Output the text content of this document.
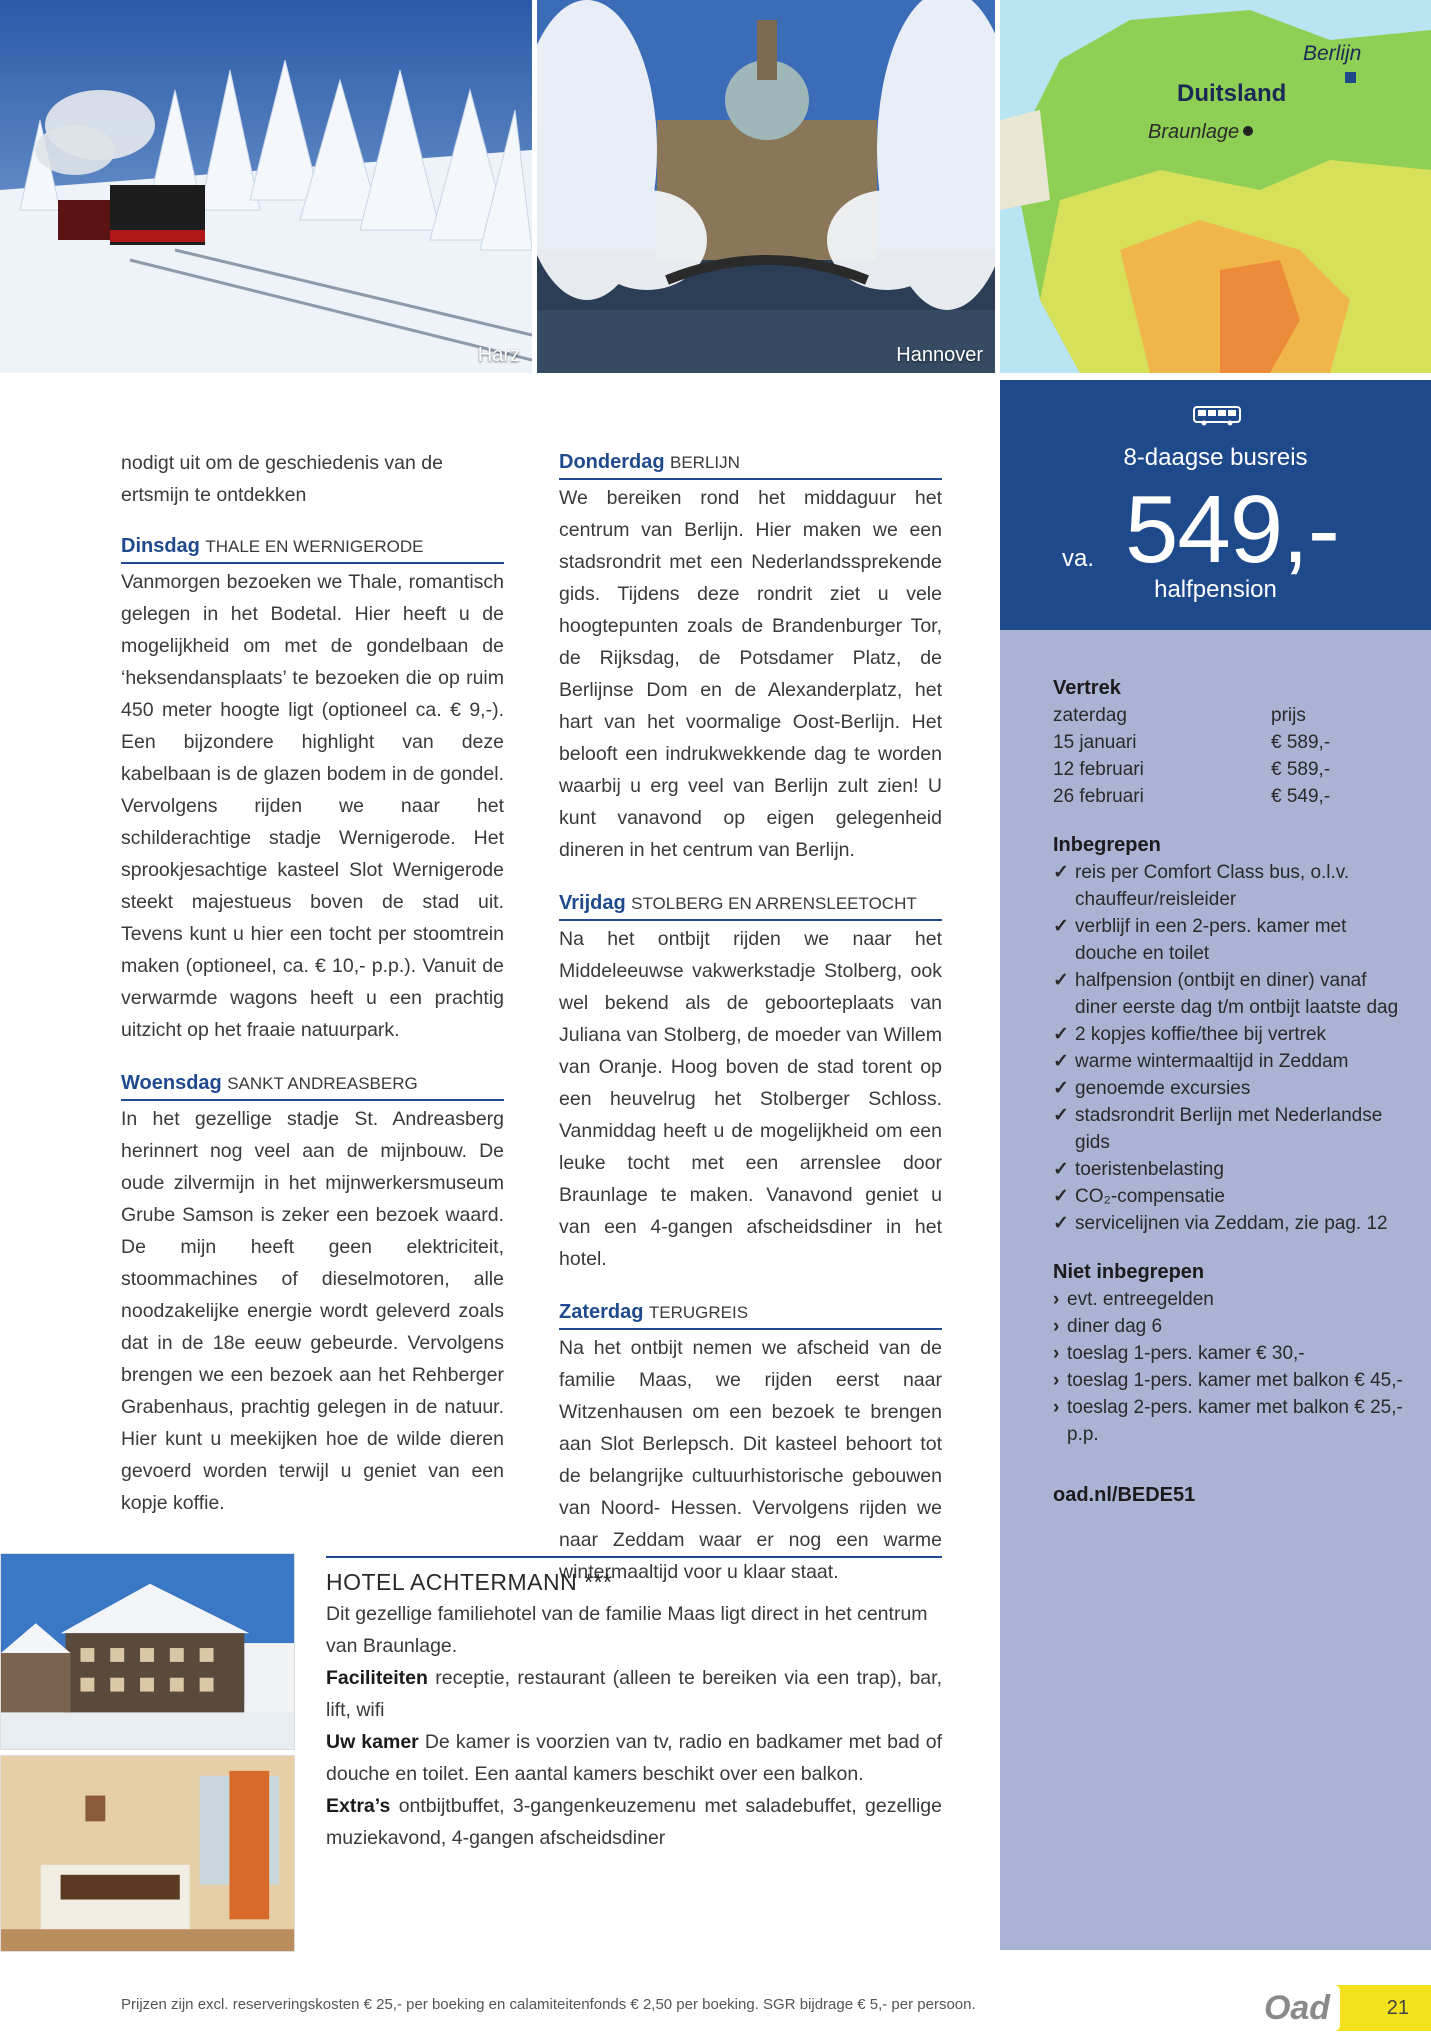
Harz	Hannover
Duitsland
Berlijn
Braunlage

nodigt uit om de geschiedenis van de ertsmijn te ontdekken

Dinsdag THALE EN WERNIGERODE

Vanmorgen bezoeken we Thale, romantisch gelegen in het Bodetal. Hier heeft u de mogelijkheid om met de gondelbaan de ‘heksendansplaats’ te bezoeken die op ruim 450 meter hoogte ligt (optioneel ca. € 9,-). Een bijzondere highlight van deze kabelbaan is de glazen bodem in de gondel. Vervolgens rijden we naar het schilderachtige stadje Wernigerode. Het sprookjesachtige kasteel Slot Wernigerode steekt majestueus boven de stad uit. Tevens kunt u hier een tocht per stoomtrein maken (optioneel, ca. € 10,- p.p.). Vanuit de verwarmde wagons heeft u een prachtig uitzicht op het fraaie natuurpark.

Woensdag SANKT ANDREASBERG

In het gezellige stadje St. Andreasberg herinnert nog veel aan de mijnbouw. De oude zilvermijn in het mijnwerkersmuseum Grube Samson is zeker een bezoek waard. De mijn heeft geen elektriciteit, stoommachines of dieselmotoren, alle noodzakelijke energie wordt geleverd zoals dat in de 18e eeuw gebeurde. Vervolgens brengen we een bezoek aan het Rehberger Grabenhaus, prachtig gelegen in de natuur. Hier kunt u meekijken hoe de wilde dieren gevoerd worden terwijl u geniet van een kopje koffie.

Donderdag BERLIJN

We bereiken rond het middaguur het centrum van Berlijn. Hier maken we een stadsrondrit met een Nederlandssprekende gids. Tijdens deze rondrit ziet u vele hoogtepunten zoals de Brandenburger Tor, de Rijksdag, de Potsdamer Platz, de Berlijnse Dom en de Alexanderplatz, het hart van het voormalige Oost-Berlijn. Het belooft een indrukwekkende dag te worden waarbij u erg veel van Berlijn zult zien! U kunt vanavond op eigen gelegenheid dineren in het centrum van Berlijn.

Vrijdag STOLBERG EN ARRENSLEETOCHT

Na het ontbijt rijden we naar het Middeleeuwse vakwerkstadje Stolberg, ook wel bekend als de geboorteplaats van Juliana van Stolberg, de moeder van Willem van Oranje. Hoog boven de stad torent op een heuvelrug het Stolberger Schloss. Vanmiddag heeft u de mogelijkheid om een leuke tocht met een arrenslee door Braunlage te maken. Vanavond geniet u van een 4-gangen afscheidsdiner in het hotel.

Zaterdag TERUGREIS

Na het ontbijt nemen we afscheid van de familie Maas, we rijden eerst naar Witzenhausen om een bezoek te brengen aan Slot Berlepsch. Dit kasteel behoort tot de belangrijke cultuurhistorische gebouwen van Noord- Hessen. Vervolgens rijden we naar Zeddam waar er nog een warme wintermaaltijd voor u klaar staat.

8-daagse busreis
va. 549,-
halfpension
Vertrek
zaterdag	prijs
15 januari	€ 589,-
12 februari	€ 589,-
26 februari	€ 549,-
Inbegrepen
✓ reis per Comfort Class bus, o.l.v. chauffeur/reisleider
✓ verblijf in een 2-pers. kamer met douche en toilet
✓ halfpension (ontbijt en diner) vanaf diner eerste dag t/m ontbijt laatste dag
✓ 2 kopjes koffie/thee bij vertrek
✓ warme wintermaaltijd in Zeddam
✓ genoemde excursies
✓ stadsrondrit Berlijn met Nederlandse gids
✓ toeristenbelasting
✓ CO₂-compensatie
✓ servicelijnen via Zeddam, zie pag. 12
Niet inbegrepen
› evt. entreegelden
› diner dag 6
› toeslag 1-pers. kamer € 30,-
› toeslag 1-pers. kamer met balkon € 45,-
› toeslag 2-pers. kamer met balkon € 25,- p.p.
oad.nl/BEDE51
HOTEL ACHTERMANN ***

Dit gezellige familiehotel van de familie Maas ligt direct in het centrum van Braunlage.

Faciliteiten receptie, restaurant (alleen te bereiken via een trap), bar, lift, wifi

Uw kamer De kamer is voorzien van tv, radio en badkamer met bad of douche en toilet. Een aantal kamers beschikt over een balkon.

Extra’s ontbijtbuffet, 3-gangenkeuzemenu met saladebuffet, gezellige muziekavond, 4-gangen afscheidsdiner

Prijzen zijn excl. reserveringskosten € 25,- per boeking en calamiteitenfonds € 2,50 per boeking. SGR bijdrage € 5,- per persoon.	Oad	21
